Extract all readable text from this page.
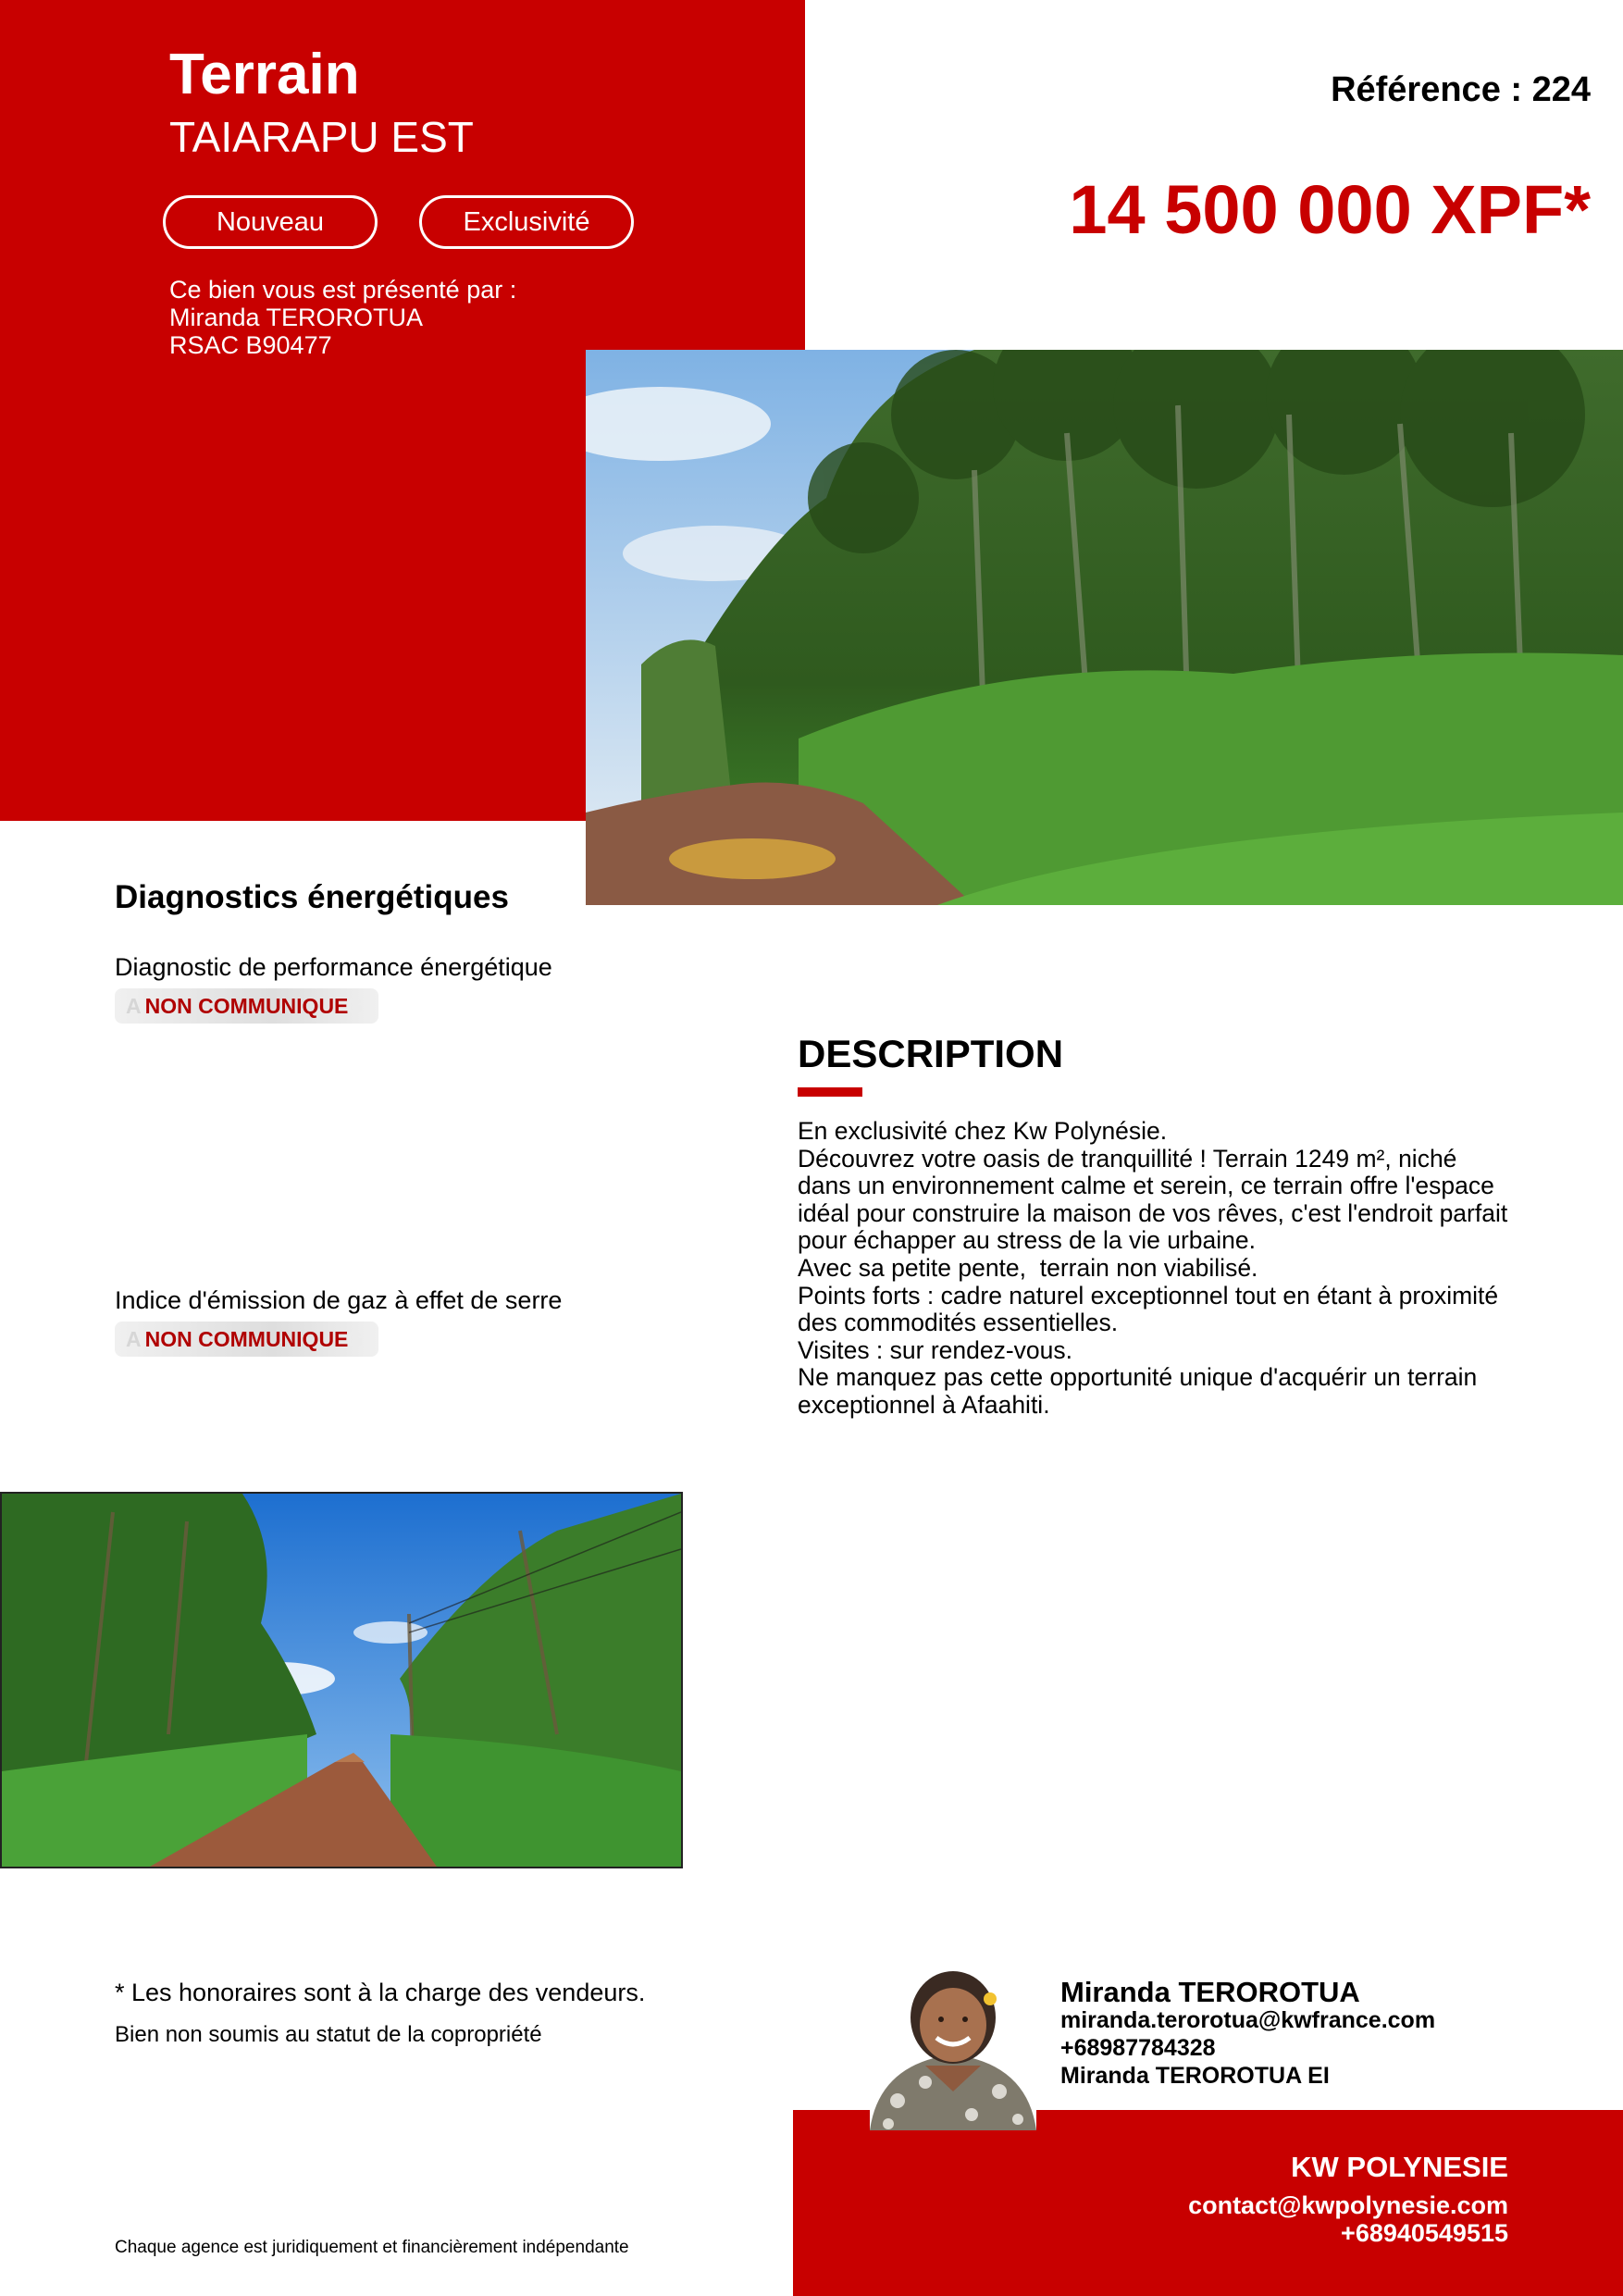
Terrain
TAIARAPU EST
Nouveau	Exclusivité
Ce bien vous est présenté par :
Miranda TEROROTUA
RSAC B90477
Référence : 224
14 500 000 XPF*
Diagnostics énergétiques
Diagnostic de performance énergétique
A NON COMMUNIQUE
G
Indice d'émission de gaz à effet de serre
A NON COMMUNIQUE
G
DESCRIPTION
En exclusivité chez Kw Polynésie.
Découvrez votre oasis de tranquillité ! Terrain 1249 m², niché
dans un environnement calme et serein, ce terrain offre l'espace
idéal pour construire la maison de vos rêves, c'est l'endroit parfait
pour échapper au stress de la vie urbaine.
Avec sa petite pente,  terrain non viabilisé.
Points forts : cadre naturel exceptionnel tout en étant à proximité
des commodités essentielles.
Visites : sur rendez-vous.
Ne manquez pas cette opportunité unique d'acquérir un terrain
exceptionnel à Afaahiti.
* Les honoraires sont à la charge des vendeurs.
Bien non soumis au statut de la copropriété
Chaque agence est juridiquement et financièrement indépendante
Miranda TEROROTUA
miranda.terorotua@kwfrance.com
+68987784328
Miranda TEROROTUA EI
KW POLYNESIE
contact@kwpolynesie.com
+68940549515
